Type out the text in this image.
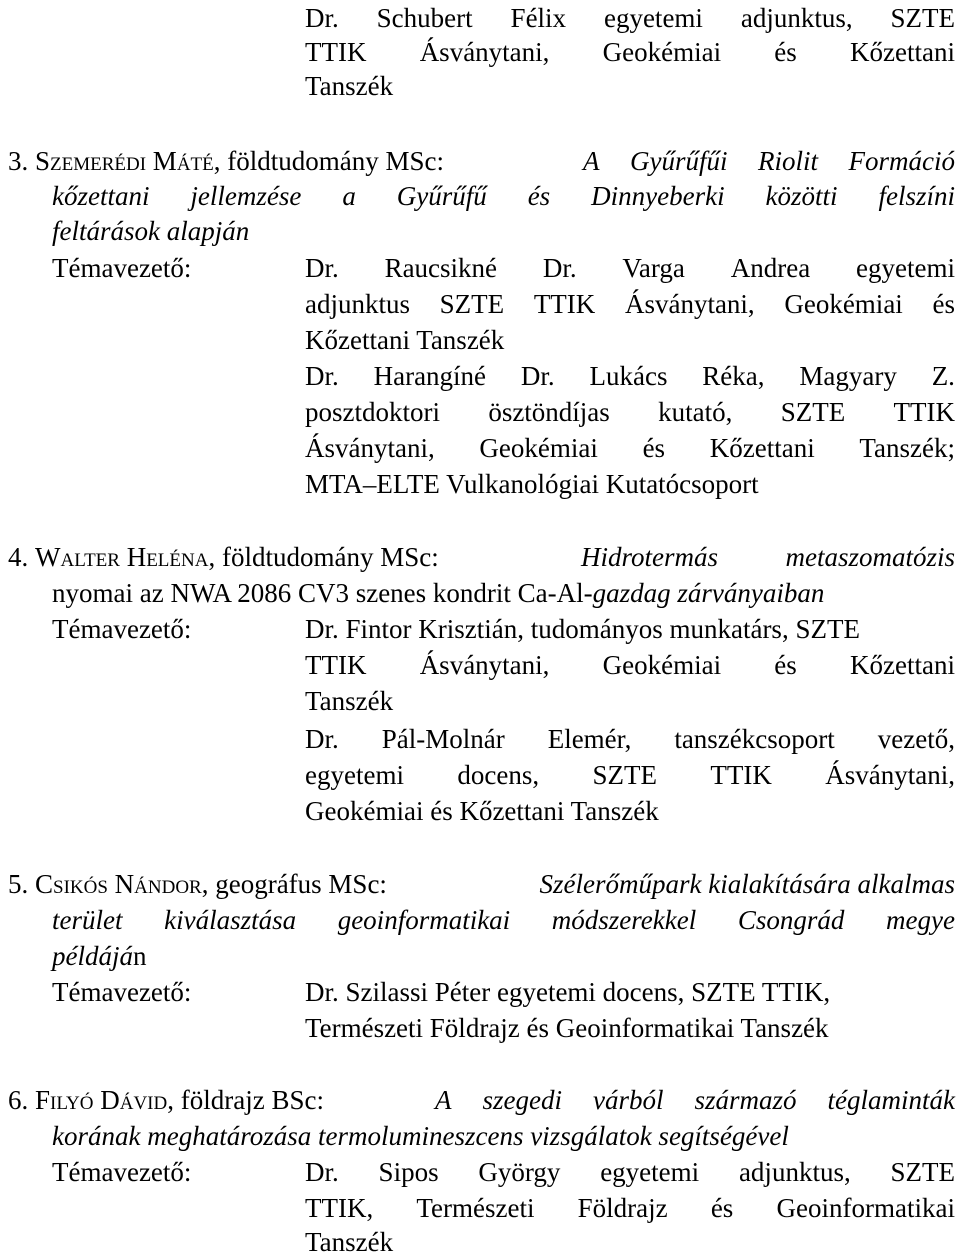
Dr. Schubert Félix egyetemi adjunktus, SZTE
TTIK Ásványtani, Geokémiai és Kőzettani
Tanszék
3. Szemerédi Máté, földtudomány MSc:	A Gyűrűfűi Riolit Formáció
kőzettani jellemzése a Gyűrűfű és Dinnyeberki közötti felszíni
feltárások alapján
Témavezető:	Dr. Raucsikné Dr. Varga Andrea egyetemi
adjunktus SZTE TTIK Ásványtani, Geokémiai és
Kőzettani Tanszék
Dr. Harangíné Dr. Lukács Réka, Magyary Z.
posztdoktori ösztöndíjas kutató, SZTE TTIK
Ásványtani, Geokémiai és Kőzettani Tanszék;
MTA‒ELTE Vulkanológiai Kutatócsoport
4. Walter Heléna, földtudomány MSc:	Hidrotermás metaszomatózis
nyomai az NWA 2086 CV3 szenes kondrit Ca-Al-gazdag zárványaiban
Témavezető:	Dr. Fintor Krisztián, tudományos munkatárs, SZTE
TTIK Ásványtani, Geokémiai és Kőzettani
Tanszék
Dr. Pál-Molnár Elemér, tanszékcsoport vezető,
egyetemi docens, SZTE TTIK Ásványtani,
Geokémiai és Kőzettani Tanszék
5. Csikós Nándor, geográfus MSc:	Szélerőműpark kialakítására alkalmas
terület kiválasztása geoinformatikai módszerekkel Csongrád megye
példáján
Témavezető:	Dr. Szilassi Péter egyetemi docens, SZTE TTIK,
Természeti Földrajz és Geoinformatikai Tanszék
6. Filyó Dávid, földrajz BSc:	A szegedi várból származó téglaminták
korának meghatározása termolumineszcens vizsgálatok segítségével
Témavezető:	Dr. Sipos György egyetemi adjunktus, SZTE
TTIK, Természeti Földrajz és Geoinformatikai
Tanszék
